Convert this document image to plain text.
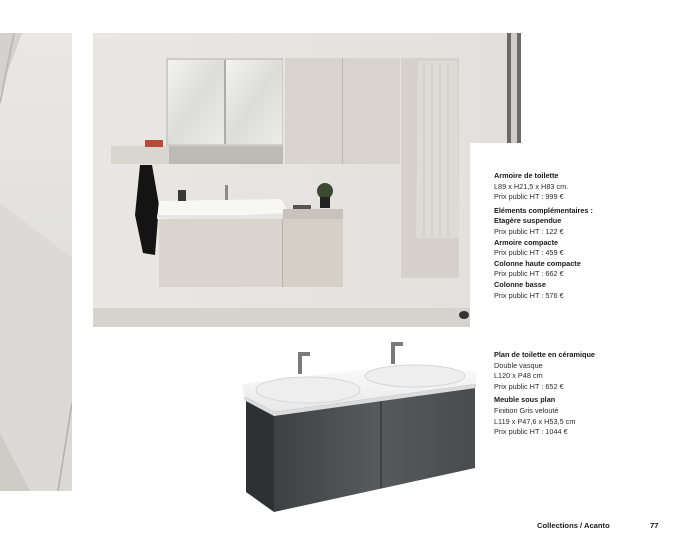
Armoire de toilette
L89 x H21,5 x H83 cm.
Prix public HT : 999 €
Eléments complémentaires :
Etagère suspendue
Prix public HT : 122 €
Armoire compacte
Prix public HT : 459 €
Colonne haute compacte
Prix public HT : 662 €
Colonne basse
Prix public HT : 576 €
Plan de toilette en céramique
Double vasque
L120 x P48 cm
Prix public HT : 652 €
Meuble sous plan
Finition Gris velouté
L119 x P47,6 x H53,5 cm
Prix public HT : 1044 €
Collections / Acanto	77
